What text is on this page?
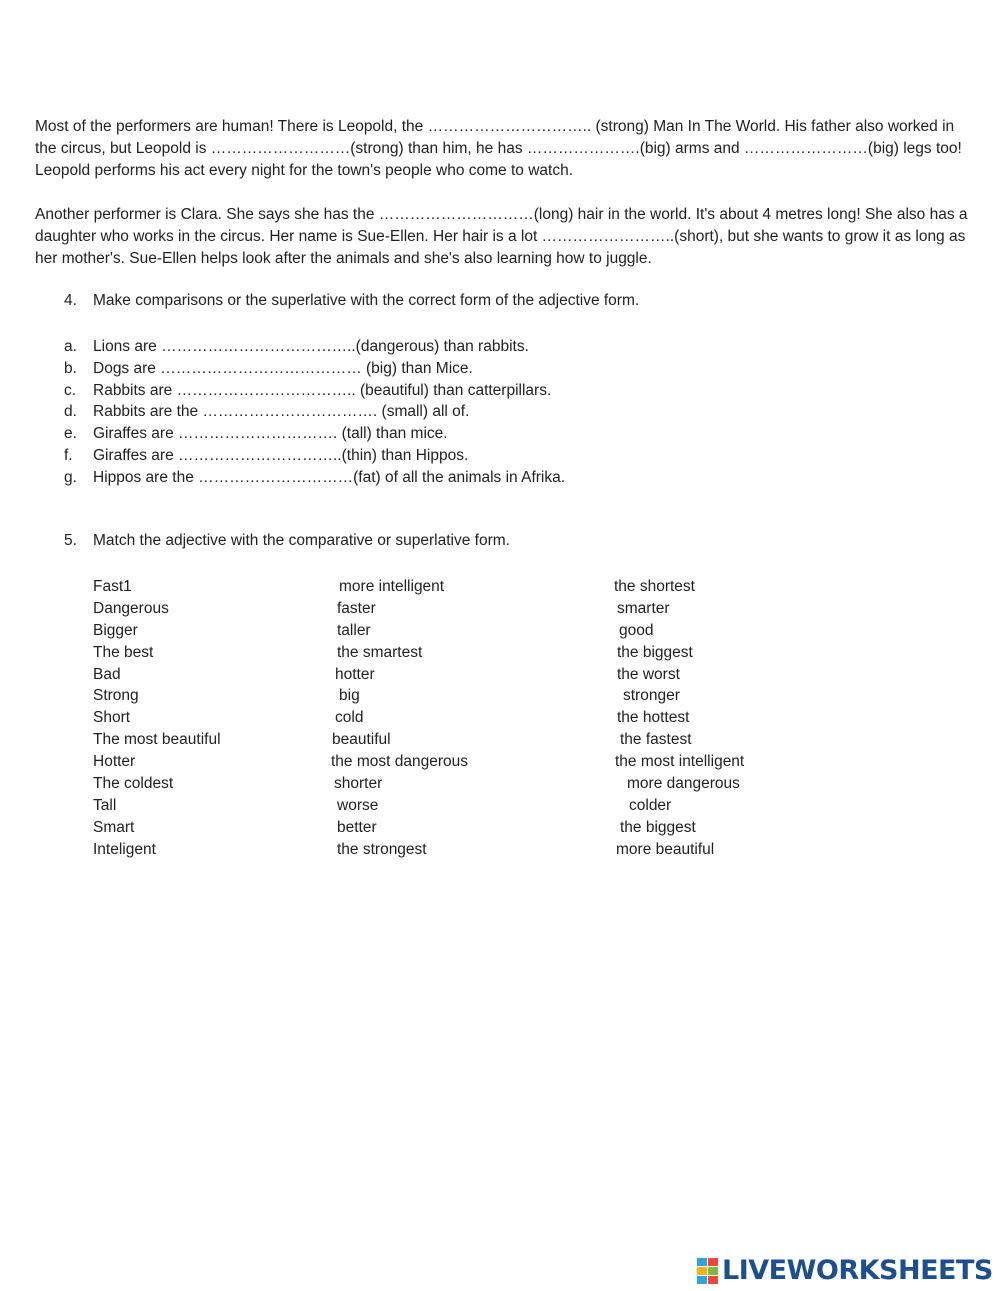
Most of the performers are human! There is Leopold, the ………………………….. (strong) Man In The World. His father also worked in the circus, but Leopold is ………………………(strong) than him, he has ………………….(big) arms and ……………………(big) legs too! Leopold performs his act every night for the town's people who come to watch.

Another performer is Clara. She says she has the …………………………(long) hair in the world. It's about 4 metres long! She also has a daughter who works in the circus. Her name is Sue-Ellen. Her hair is a lot ……………………..(short), but she wants to grow it as long as her mother's. Sue-Ellen helps look after the animals and she's also learning how to juggle.

4. Make comparisons or the superlative with the correct form of the adjective form.
a. Lions are ………………………………..(dangerous) than rabbits.
b. Dogs are ………………………………… (big) than Mice.
c. Rabbits are …………………………….. (beautiful) than catterpillars.
d. Rabbits are the ……………………………. (small) all of.
e. Giraffes are …………………………. (tall) than mice.
f. Giraffes are …………………………..(thin) than Hippos.
g. Hippos are the …………………………(fat) of all the animals in Afrika.
5. Match the adjective with the comparative or superlative form.
Fast1
Dangerous
Bigger
The best
Bad
Strong
Short
The most beautiful
Hotter
The coldest
Tall
Smart
Inteligent
more intelligent
faster
taller
the smartest
hotter
big
cold
beautiful
the most dangerous
shorter
worse
better
the strongest
the shortest
smarter
good
the biggest
the worst
stronger
the hottest
the fastest
the most intelligent
more dangerous
colder
the biggest
more beautiful
LIVEWORKSHEETS
